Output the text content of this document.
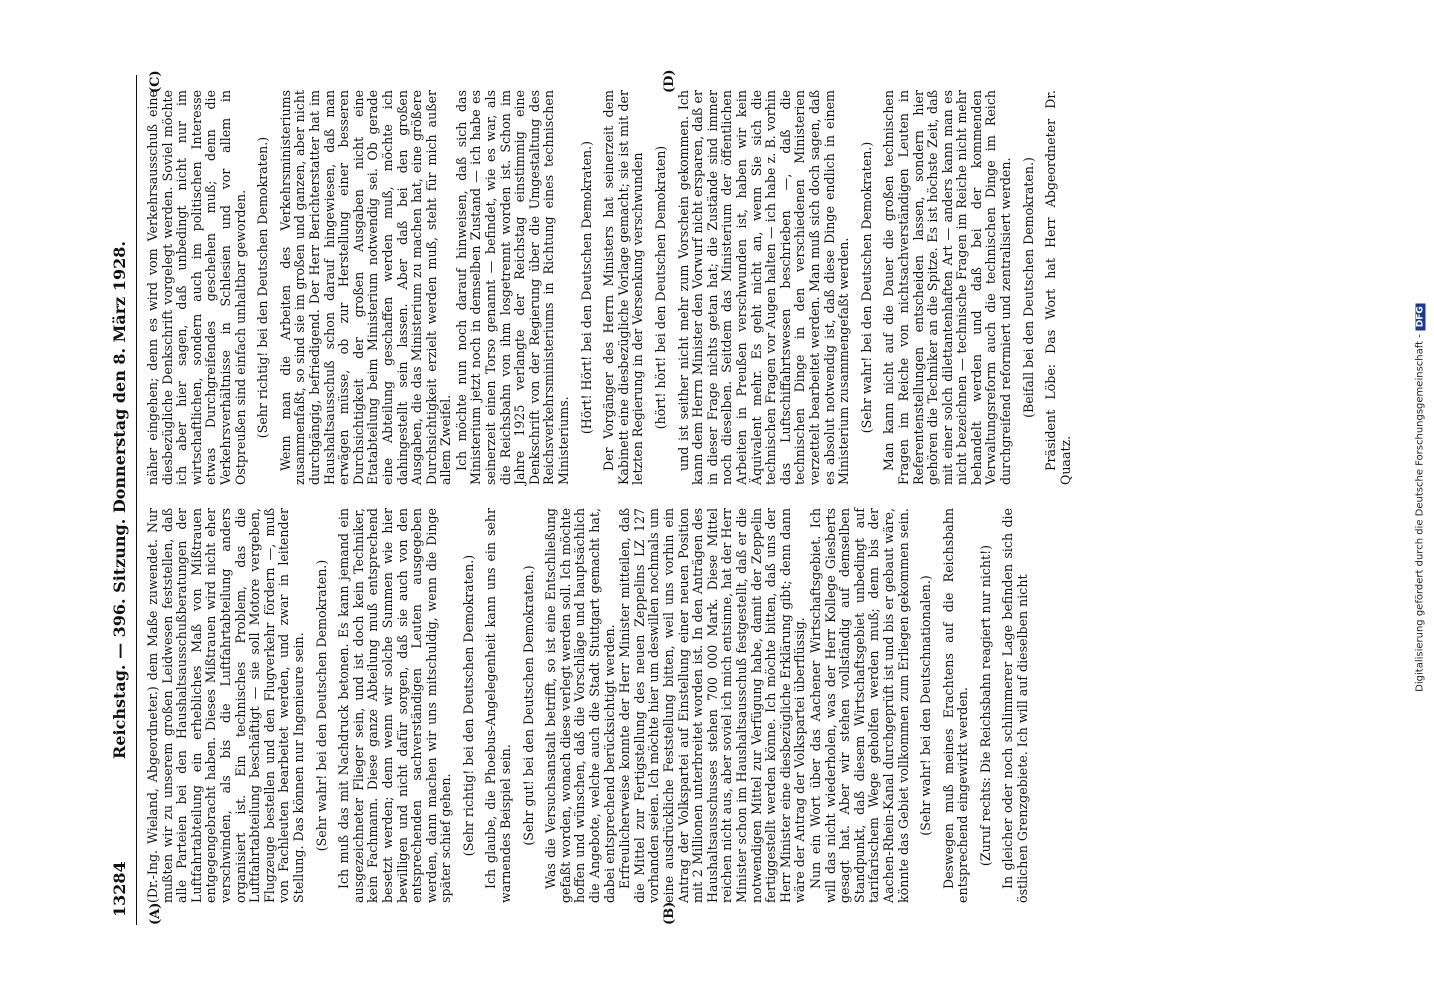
13284
Reichstag. — 396. Sitzung. Donnerstag den 8. März 1928.
(A)	(B)
(C)	(D)

(Dr.-Ing. Wieland, Abgeordneter.) dem Maße zuwendet. Nur mußten wir zu unserem großen Leidwesen feststellen, daß alle Parteien bei den Haushaltsausschußberatungen der Luftfahrtabteilung ein erhebliches Maß von Mißtrauen entgegengebracht haben. Dieses Mißtrauen wird nicht eher verschwinden, als bis die Luftfahrtabteilung anders organisiert ist. Ein technisches Problem, das die Luftfahrtabteilung beschäftigt — sie soll Motore vergeben, Flugzeuge bestellen und den Flugverkehr fördern —, muß von Fachleuten bearbeitet werden, und zwar in leitender Stellung. Das können nur Ingenieure sein. (Sehr wahr! bei den Deutschen Demokraten.) Ich muß das mit Nachdruck betonen. Es kann jemand ein ausgezeichneter Flieger sein, und ist doch kein Techniker, kein Fachmann. Diese ganze Abteilung muß entsprechend besetzt werden; denn wenn wir solche Summen wie hier bewilligen und nicht dafür sorgen, daß sie auch von den entsprechenden sachverständigen Leuten ausgegeben werden, dann machen wir uns mitschuldig, wenn die Dinge später schief gehen. (Sehr richtig! bei den Deutschen Demokraten.) Ich glaube, die Phoebus-Angelegenheit kann uns ein sehr warnendes Beispiel sein. (Sehr gut! bei den Deutschen Demokraten.) Was die Versuchsanstalt betrifft, so ist eine Entschließung gefaßt worden, wonach diese verlegt werden soll. Ich möchte hoffen und wünschen, daß die Vorschläge und hauptsächlich die Angebote, welche auch die Stadt Stuttgart gemacht hat, dabei entsprechend berücksichtigt werden. Erfreulicherweise konnte der Herr Minister mitteilen, daß die Mittel zur Fertigstellung des neuen Zeppelins LZ 127 vorhanden seien. Ich möchte hier um deswillen nochmals um eine ausdrückliche Feststellung bitten, weil uns vorhin ein Antrag der Volkspartei auf Einstellung einer neuen Position mit 2 Millionen unterbreitet worden ist. In den Anträgen des Haushaltsausschusses stehen 700 000 Mark. Diese Mittel reichen nicht aus, aber soviel ich mich entsinne, hat der Herr Minister schon im Haushaltsausschuß festgestellt, daß er die notwendigen Mittel zur Verfügung habe, damit der Zeppelin fertiggestellt werden könne. Ich möchte bitten, daß uns der Herr Minister eine diesbezügliche Erklärung gibt; denn dann wäre der Antrag der Volkspartei überflüssig. Nun ein Wort über das Aachener Wirtschaftsgebiet. Ich will das nicht wiederholen, was der Herr Kollege Giesberts gesagt hat. Aber wir stehen vollständig auf demselben Standpunkt, daß diesem Wirtschaftsgebiet unbedingt auf tarifarischem Wege geholfen werden muß; denn bis der Aachen-Rhein-Kanal durchgeprüft ist und bis er gebaut wäre, könnte das Gebiet vollkommen zum Erliegen gekommen sein. (Sehr wahr! bei den Deutschnationalen.) Deswegen muß meines Erachtens auf die Reichsbahn entsprechend eingewirkt werden. (Zuruf rechts: Die Reichsbahn reagiert nur nicht!) In gleicher oder noch schlimmerer Lage befinden sich die östlichen Grenzgebiete. Ich will auf dieselben nicht

näher eingehen; denn es wird vom Verkehrsausschuß eine diesbezügliche Denkschrift vorgelegt werden. Soviel möchte ich aber hier sagen, daß unbedingt nicht nur im wirtschaftlichen, sondern auch im politischen Interesse etwas Durchgreifendes geschehen muß; denn die Verkehrsverhältnisse in Schlesien und vor allem in Ostpreußen sind einfach unhaltbar geworden. (Sehr richtig! bei den Deutschen Demokraten.) Wenn man die Arbeiten des Verkehrsministeriums zusammenfaßt, so sind sie im großen und ganzen, aber nicht durchgängig, befriedigend. Der Herr Berichterstatter hat im Haushaltsausschuß schon darauf hingewiesen, daß man erwägen müsse, ob zur Herstellung einer besseren Durchsichtigkeit der großen Ausgaben nicht eine Etatabteilung beim Ministerium notwendig sei. Ob gerade eine Abteilung geschaffen werden muß, möchte ich dahingestellt sein lassen. Aber daß bei den großen Ausgaben, die das Ministerium zu machen hat, eine größere Durchsichtigkeit erzielt werden muß, steht für mich außer allem Zweifel. Ich möchte nun noch darauf hinweisen, daß sich das Ministerium jetzt noch in demselben Zustand — ich habe es seinerzeit einen Torso genannt — befindet, wie es war, als die Reichsbahn von ihm losgetrennt worden ist. Schon im Jahre 1925 verlangte der Reichstag einstimmig eine Denkschrift von der Regierung über die Umgestaltung des Reichsverkehrsministeriums in Richtung eines technischen Ministeriums.

(Hört! Hört! bei den Deutschen Demokraten.) Der Vorgänger des Herrn Ministers hat seinerzeit dem Kabinett eine diesbezügliche Vorlage gemacht; sie ist mit der letzten Regierung in der Versenkung verschwunden (hört! hört! bei den Deutschen Demokraten) und ist seither nicht mehr zum Vorschein gekommen. Ich kann dem Herrn Minister den Vorwurf nicht ersparen, daß er in dieser Frage nichts getan hat; die Zustände sind immer noch dieselben. Seitdem das Ministerium der öffentlichen Arbeiten in Preußen verschwunden ist, haben wir kein Äquivalent mehr. Es geht nicht an, wenn Sie sich die technischen Fragen vor Augen halten — ich habe z. B. vorhin das Luftschiffahrtswesen beschrieben —, daß die technischen Dinge in den verschiedenen Ministerien verzettelt bearbeitet werden. Man muß sich doch sagen, daß es absolut notwendig ist, daß diese Dinge endlich in einem Ministerium zusammengefaßt werden. (Sehr wahr! bei den Deutschen Demokraten.) Man kann nicht auf die Dauer die großen technischen Fragen im Reiche von nichtsachverständigen Leuten in Referentenstellungen entscheiden lassen, sondern hier gehören die Techniker an die Spitze. Es ist höchste Zeit, daß mit einer solch dilettantenhaften Art — anders kann man es nicht bezeichnen — technische Fragen im Reiche nicht mehr behandelt werden und daß bei der kommenden Verwaltungsreform auch die technischen Dinge im Reich durchgreifend reformiert und zentralisiert werden. (Beifall bei den Deutschen Demokraten.) Präsident Löbe: Das Wort hat Herr Abgeordneter Dr. Quaatz.	Digitalisierung gefördert durch die Deutsche Forschungsgemeinschaft -DFG
